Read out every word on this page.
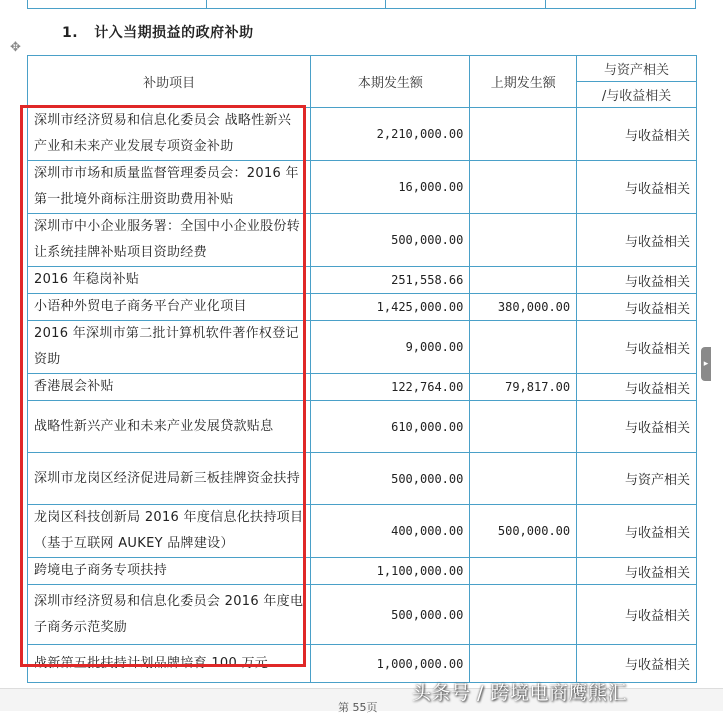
✥
1. 计入当期损益的政府补助
补助项目	本期发生额	上期发生额	与资产相关
			/与收益相关
深圳市经济贸易和信息化委员会 战略性新兴产业和未来产业发展专项资金补助	2,210,000.00		与收益相关
深圳市市场和质量监督管理委员会：2016 年第一批境外商标注册资助费用补贴	16,000.00		与收益相关
深圳市中小企业服务署：全国中小企业股份转让系统挂牌补贴项目资助经费	500,000.00		与收益相关
2016 年稳岗补贴	251,558.66		与收益相关
小语种外贸电子商务平台产业化项目	1,425,000.00	380,000.00	与收益相关
2016 年深圳市第二批计算机软件著作权登记资助	9,000.00		与收益相关
香港展会补贴	122,764.00	79,817.00	与收益相关
战略性新兴产业和未来产业发展贷款贴息	610,000.00		与收益相关
深圳市龙岗区经济促进局新三板挂牌资金扶持	500,000.00		与资产相关
龙岗区科技创新局 2016 年度信息化扶持项目（基于互联网 AUKEY 品牌建设）	400,000.00	500,000.00	与收益相关
跨境电子商务专项扶持	1,100,000.00		与收益相关
深圳市经济贸易和信息化委员会 2016 年度电子商务示范奖励	500,000.00		与收益相关
战新第五批扶持计划品牌培育 100 万元	1,000,000.00		与收益相关
▸
第 55页
头条号 / 跨境电商鹰熊汇
